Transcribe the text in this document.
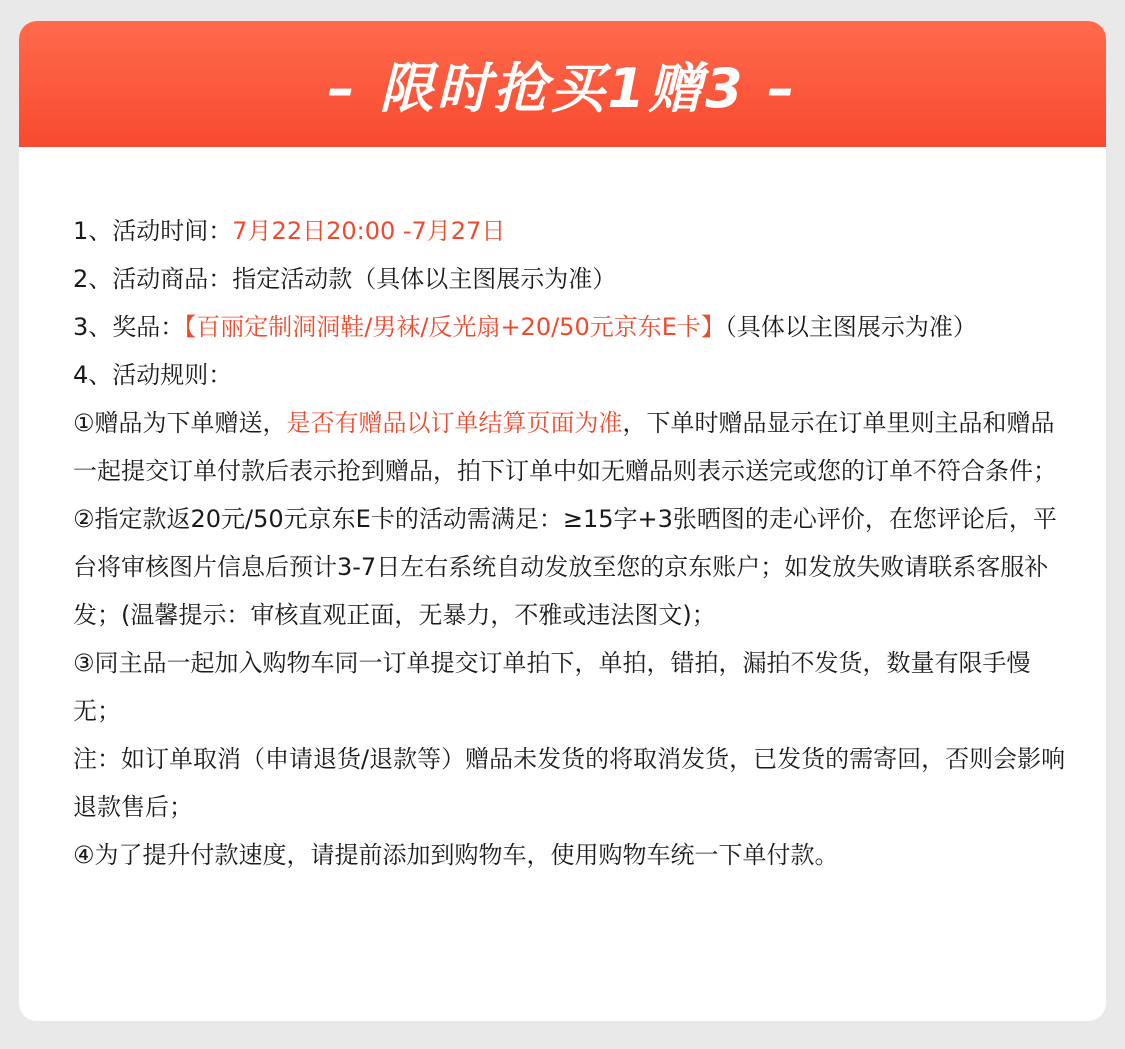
– 限时抢买1赠3 –

1、活动时间：7月22日20:00 -7月27日

2、活动商品：指定活动款（具体以主图展示为准）

3、奖品：【百丽定制洞洞鞋/男袜/反光扇+20/50元京东E卡】（具体以主图展示为准）

4、活动规则：

①赠品为下单赠送，是否有赠品以订单结算页面为准，下单时赠品显示在订单里则主品和赠品一起提交订单付款后表示抢到赠品，拍下订单中如无赠品则表示送完或您的订单不符合条件；

②指定款返20元/50元京东E卡的活动需满足：≥15字+3张晒图的走心评价，在您评论后，平台将审核图片信息后预计3-7日左右系统自动发放至您的京东账户；如发放失败请联系客服补发；(温馨提示：审核直观正面，无暴力，不雅或违法图文)；

③同主品一起加入购物车同一订单提交订单拍下，单拍，错拍，漏拍不发货，数量有限手慢无；

注：如订单取消（申请退货/退款等）赠品未发货的将取消发货，已发货的需寄回，否则会影响退款售后；

④为了提升付款速度，请提前添加到购物车，使用购物车统一下单付款。
